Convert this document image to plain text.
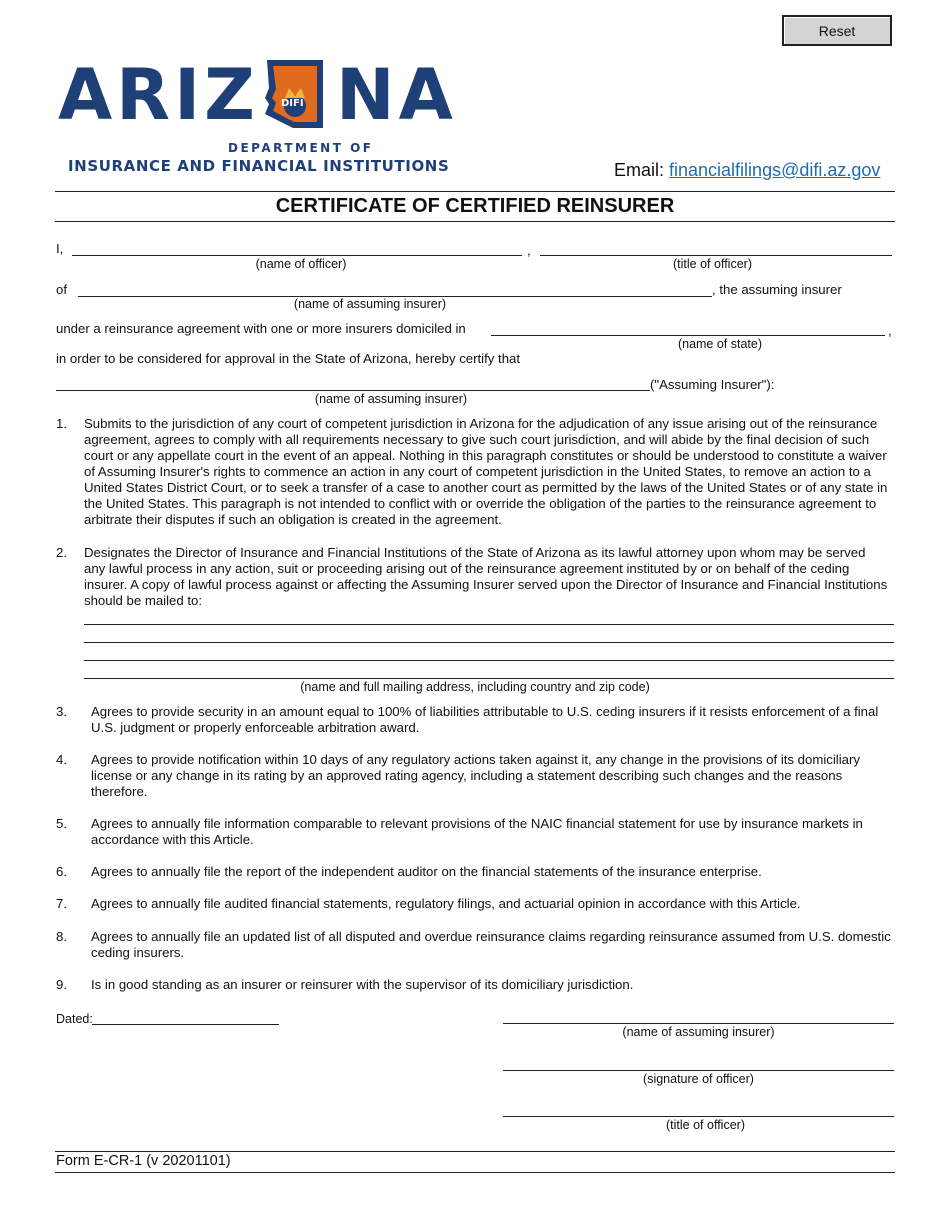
Reset
ARIZ DIFI NA
DEPARTMENT OF
INSURANCE AND FINANCIAL INSTITUTIONS	Email: financialfilings@difi.az.gov
CERTIFICATE OF CERTIFIED REINSURER
I,	,
(name of officer)	(title of officer)
of	, the assuming insurer
(name of assuming insurer)
under a reinsurance agreement with one or more insurers domiciled in	,
(name of state)
in order to be considered for approval in the State of Arizona, hereby certify that
("Assuming Insurer"):
(name of assuming insurer)
1. Submits to the jurisdiction of any court of competent jurisdiction in Arizona for the adjudication of any issue arising out of the reinsurance agreement, agrees to comply with all requirements necessary to give such court jurisdiction, and will abide by the final decision of such court or any appellate court in the event of an appeal. Nothing in this paragraph constitutes or should be understood to constitute a waiver of Assuming Insurer's rights to commence an action in any court of competent jurisdiction in the United States, to remove an action to a United States District Court, or to seek a transfer of a case to another court as permitted by the laws of the United States or of any state in the United States. This paragraph is not intended to conflict with or override the obligation of the parties to the reinsurance agreement to arbitrate their disputes if such an obligation is created in the agreement.
2. Designates the Director of Insurance and Financial Institutions of the State of Arizona as its lawful attorney upon whom may be served any lawful process in any action, suit or proceeding arising out of the reinsurance agreement instituted by or on behalf of the ceding insurer. A copy of lawful process against or affecting the Assuming Insurer served upon the Director of Insurance and Financial Institutions should be mailed to:
(name and full mailing address, including country and zip code)
3. Agrees to provide security in an amount equal to 100% of liabilities attributable to U.S. ceding insurers if it resists enforcement of a final U.S. judgment or properly enforceable arbitration award.
4. Agrees to provide notification within 10 days of any regulatory actions taken against it, any change in the provisions of its domiciliary license or any change in its rating by an approved rating agency, including a statement describing such changes and the reasons therefore.
5. Agrees to annually file information comparable to relevant provisions of the NAIC financial statement for use by insurance markets in accordance with this Article.
6. Agrees to annually file the report of the independent auditor on the financial statements of the insurance enterprise.
7. Agrees to annually file audited financial statements, regulatory filings, and actuarial opinion in accordance with this Article.
8. Agrees to annually file an updated list of all disputed and overdue reinsurance claims regarding reinsurance assumed from U.S. domestic ceding insurers.
9. Is in good standing as an insurer or reinsurer with the supervisor of its domiciliary jurisdiction.
Dated:
(name of assuming insurer)
(signature of officer)
(title of officer)
Form E-CR-1 (v 20201101)
